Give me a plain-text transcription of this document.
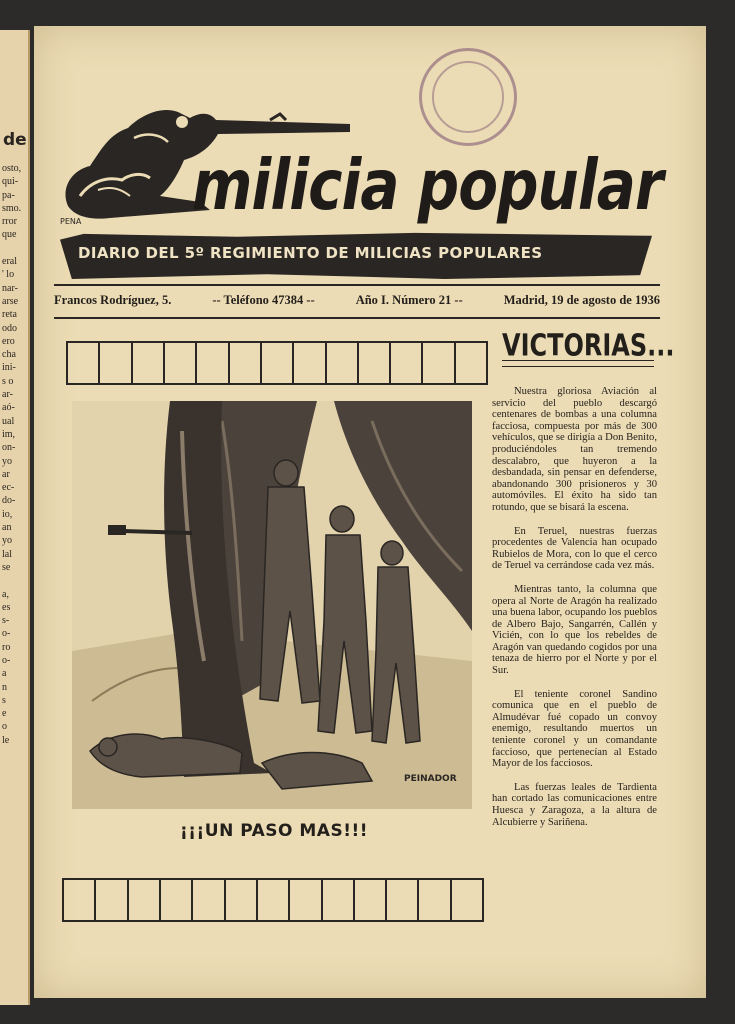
de
osto,
qui-
pa-
smo.
rror
que

eral
' lo
nar-
arse
reta
odo
ero
cha
ini-
s o
ar-
aó-
ual
im,
on-
yo
ar
ec-
do-
io,
an
yo
lal
se

a,
es
s-
o-
ro
o-
a
n
s
e
o
le
PENA milicia popular
DIARIO DEL 5º REGIMIENTO DE MILICIAS POPULARES
Francos Rodríguez, 5.	-- Teléfono 47384 --	Año I. Número 21 --	Madrid, 19 de agosto de 1936
PEINADOR
¡¡¡UN PASO MAS!!!
VICTORIAS...

Nuestra gloriosa Aviación al servicio del pueblo descargó centenares de bombas a una columna facciosa, compuesta por más de 300 vehículos, que se dirigía a Don Benito, produciéndoles tan tremendo descalabro, que huyeron a la desbandada, sin pensar en defenderse, abandonando 300 prisioneros y 30 automóviles. El éxito ha sido tan rotundo, que se bisará la escena.

En Teruel, nuestras fuerzas procedentes de Valencia han ocupado Rubielos de Mora, con lo que el cerco de Teruel va cerrándose cada vez más.

Mientras tanto, la columna que opera al Norte de Aragón ha realizado una buena labor, ocupando los pueblos de Albero Bajo, Sangarrén, Callén y Vicién, con lo que los rebeldes de Aragón van quedando cogidos por una tenaza de hierro por el Norte y por el Sur.

El teniente coronel Sandino comunica que en el pueblo de Almudévar fué copado un convoy enemigo, resultando muertos un teniente coronel y un comandante faccioso, que pertenecían al Estado Mayor de los facciosos.

Las fuerzas leales de Tardienta han cortado las comunicaciones entre Huesca y Zaragoza, a la altura de Alcubierre y Sariñena.
